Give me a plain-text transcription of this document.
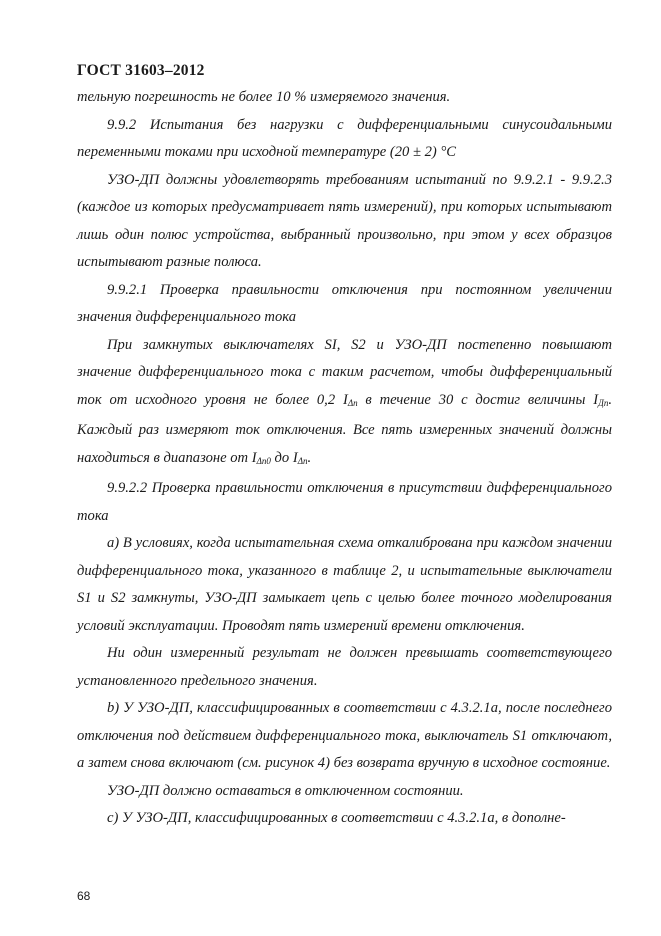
ГОСТ 31603–2012

тельную погрешность не более 10 % измеряемого значения.

9.9.2 Испытания без нагрузки с дифференциальными синусоидальными переменными токами при исходной температуре (20 ± 2) °С

УЗО-ДП должны удовлетворять требованиям испытаний по 9.9.2.1 - 9.9.2.3 (каждое из которых предусматривает пять измерений), при которых испытывают лишь один полюс устройства, выбранный произвольно, при этом у всех образцов испытывают разные полюса.

9.9.2.1 Проверка правильности отключения при постоянном увеличении значения дифференциального тока

При замкнутых выключателях SI, S2 и УЗО-ДП постепенно повышают значение дифференциального тока с таким расчетом, чтобы дифференциальный ток от исходного уровня не более 0,2 $I_{\Delta n}$ в течение 30 с достиг величины $I_{Дn}$. Каждый раз измеряют ток отключения. Все пять измеренных значений должны находиться в диапазоне от $I_{\Delta n0}$ до $I_{\Delta n}$.

9.9.2.2 Проверка правильности отключения в присутствии дифференциального тока

а) В условиях, когда испытательная схема откалибрована при каждом значении дифференциального тока, указанного в таблице 2, и испытательные выключатели S1 и S2 замкнуты, УЗО-ДП замыкает цепь с целью более точного моделирования условий эксплуатации. Проводят пять измерений времени отключения.

Ни один измеренный результат не должен превышать соответствующего установленного предельного значения.

b) У УЗО-ДП, классифицированных в соответствии с 4.3.2.1а, после последнего отключения под действием дифференциального тока, выключатель S1 отключают, а затем снова включают (см. рисунок 4) без возврата вручную в исходное состояние.

УЗО-ДП должно оставаться в отключенном состоянии.

с) У УЗО-ДП, классифицированных в соответствии с 4.3.2.1а, в дополне-

68
